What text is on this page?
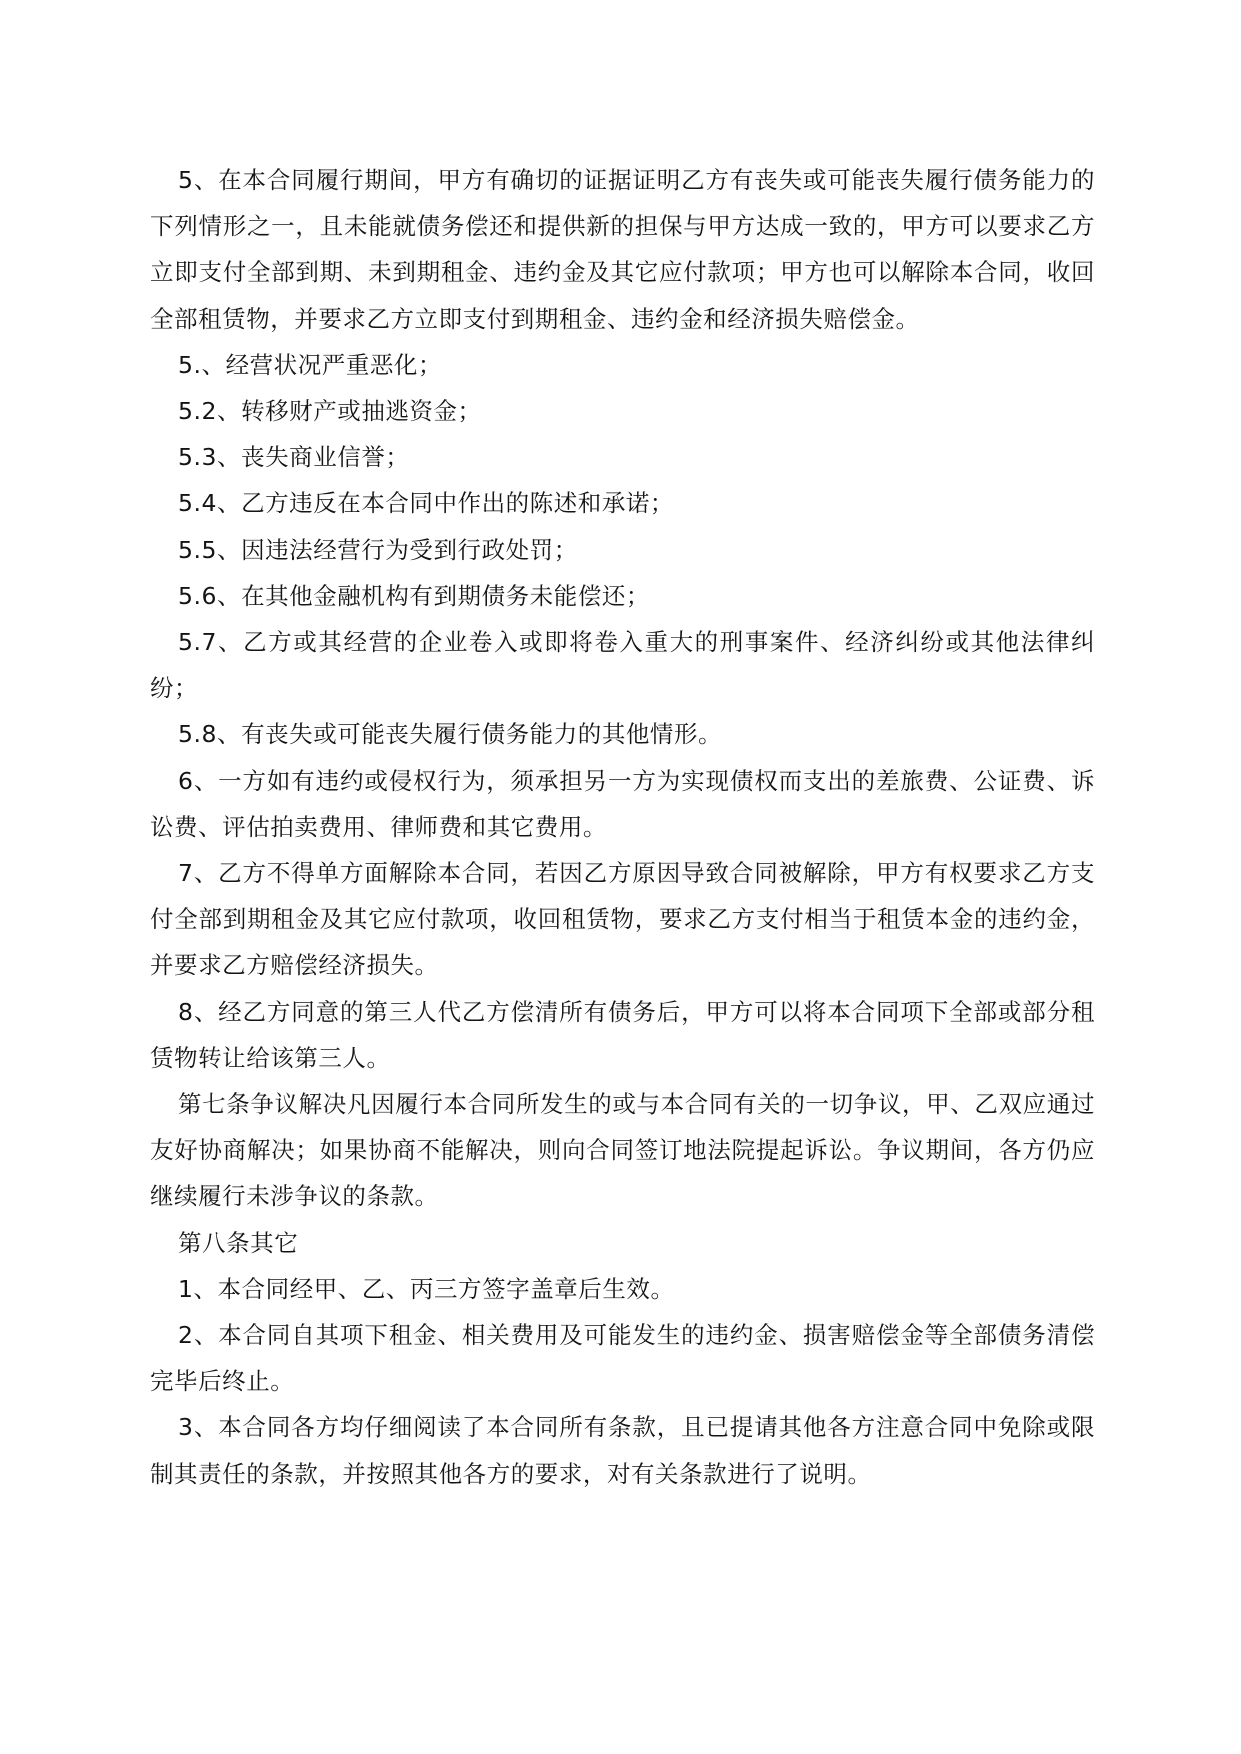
5、在本合同履行期间，甲方有确切的证据证明乙方有丧失或可能丧失履行债务能力的下列情形之一，且未能就债务偿还和提供新的担保与甲方达成一致的，甲方可以要求乙方立即支付全部到期、未到期租金、违约金及其它应付款项；甲方也可以解除本合同，收回全部租赁物，并要求乙方立即支付到期租金、违约金和经济损失赔偿金。

5.、经营状况严重恶化；

5.2、转移财产或抽逃资金；

5.3、丧失商业信誉；

5.4、乙方违反在本合同中作出的陈述和承诺；

5.5、因违法经营行为受到行政处罚；

5.6、在其他金融机构有到期债务未能偿还；

5.7、乙方或其经营的企业卷入或即将卷入重大的刑事案件、经济纠纷或其他法律纠纷；

5.8、有丧失或可能丧失履行债务能力的其他情形。

6、一方如有违约或侵权行为，须承担另一方为实现债权而支出的差旅费、公证费、诉讼费、评估拍卖费用、律师费和其它费用。

7、乙方不得单方面解除本合同，若因乙方原因导致合同被解除，甲方有权要求乙方支付全部到期租金及其它应付款项，收回租赁物，要求乙方支付相当于租赁本金的违约金，并要求乙方赔偿经济损失。

8、经乙方同意的第三人代乙方偿清所有债务后，甲方可以将本合同项下全部或部分租赁物转让给该第三人。

第七条争议解决凡因履行本合同所发生的或与本合同有关的一切争议，甲、乙双应通过友好协商解决；如果协商不能解决，则向合同签订地法院提起诉讼。争议期间，各方仍应继续履行未涉争议的条款。

第八条其它

1、本合同经甲、乙、丙三方签字盖章后生效。

2、本合同自其项下租金、相关费用及可能发生的违约金、损害赔偿金等全部债务清偿完毕后终止。

3、本合同各方均仔细阅读了本合同所有条款，且已提请其他各方注意合同中免除或限制其责任的条款，并按照其他各方的要求，对有关条款进行了说明。
